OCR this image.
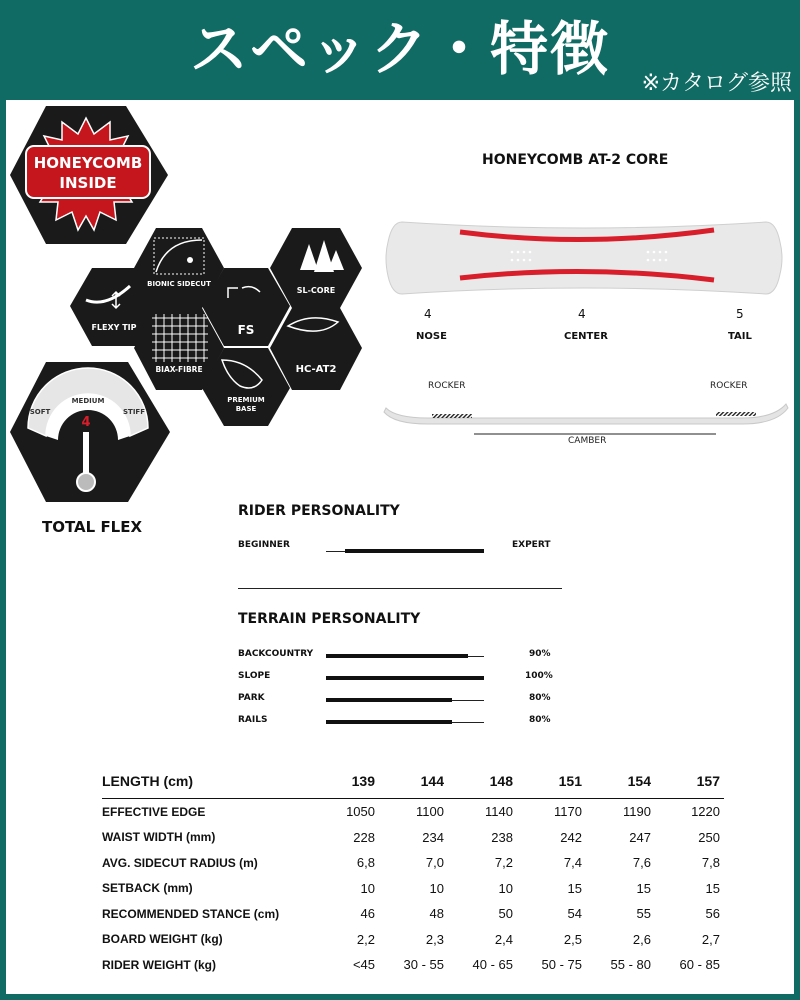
スペック・特徴
※カタログ参照
HONEYCOMB
INSIDE
BIONIC SIDECUT
SL-CORE
FLEXY TIP	FS
BIAX-FIBRE	HC-AT2
PREMIUM BASE
SOFT
MEDIUM
STIFF
4
TOTAL FLEX
HONEYCOMB AT-2 CORE
4	4	5
NOSE	CENTER	TAIL
ROCKER	ROCKER
CAMBER
RIDER PERSONALITY
BEGINNER	EXPERT
TERRAIN PERSONALITY
BACKCOUNTRY	90%
SLOPE	100%
PARK	80%
RAILS	80%
LENGTH (cm)	139	144	148	151	154	157
EFFECTIVE EDGE	1050	1100	1140	1170	1190	1220
WAIST WIDTH (mm)	228	234	238	242	247	250
AVG. SIDECUT RADIUS (m)	6,8	7,0	7,2	7,4	7,6	7,8
SETBACK (mm)	10	10	10	15	15	15
RECOMMENDED STANCE (cm)	46	48	50	54	55	56
BOARD WEIGHT (kg)	2,2	2,3	2,4	2,5	2,6	2,7
RIDER WEIGHT (kg)	<45	30 - 55	40 - 65	50 - 75	55 - 80	60 - 85
